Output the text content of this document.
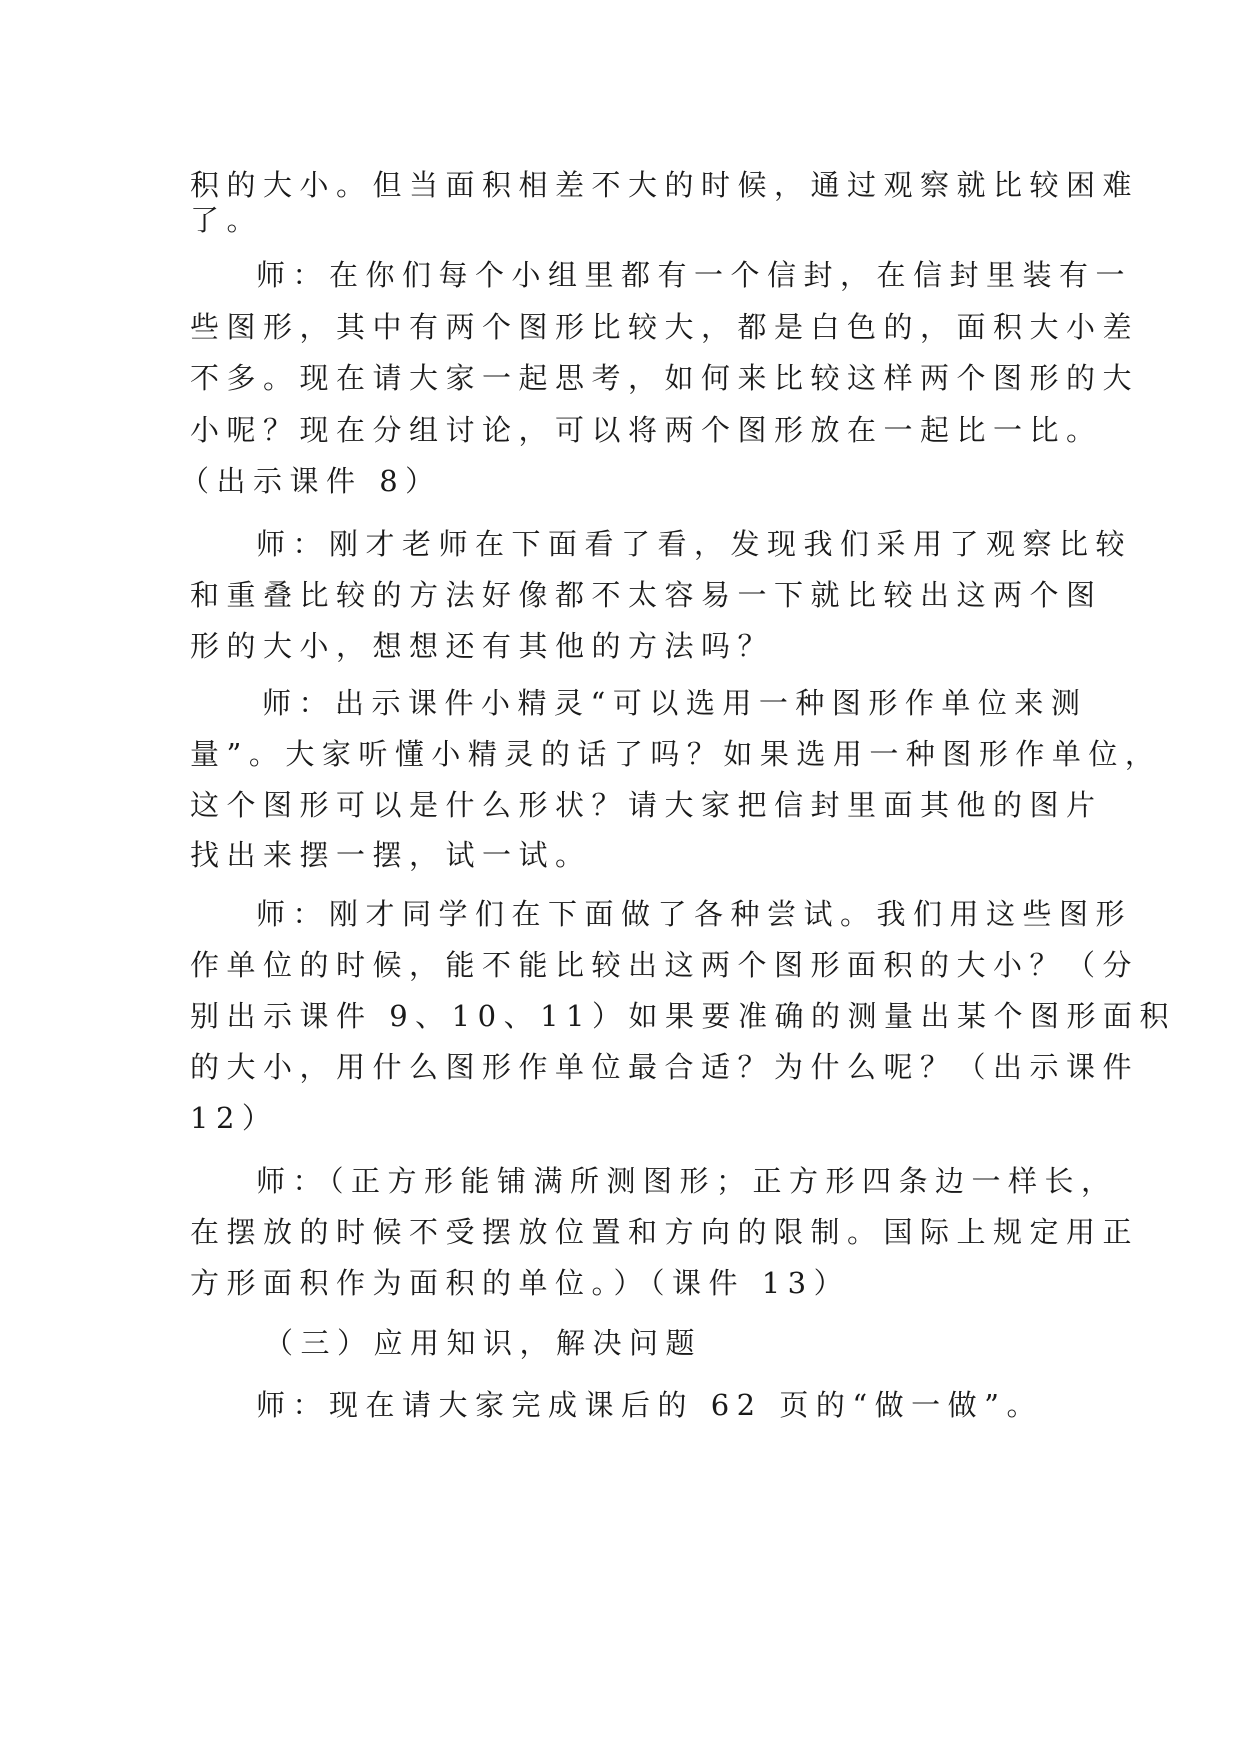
积的大小。但当面积相差不大的时候，通过观察就比较困难
了。
师：在你们每个小组里都有一个信封，在信封里装有一
些图形，其中有两个图形比较大，都是白色的，面积大小差
不多。现在请大家一起思考，如何来比较这样两个图形的大
小呢？现在分组讨论，可以将两个图形放在一起比一比。
（出示课件 8）
师：刚才老师在下面看了看，发现我们采用了观察比较
和重叠比较的方法好像都不太容易一下就比较出这两个图
形的大小，想想还有其他的方法吗？
师：出示课件小精灵“可以选用一种图形作单位来测
量”。大家听懂小精灵的话了吗？如果选用一种图形作单位，
这个图形可以是什么形状？请大家把信封里面其他的图片
找出来摆一摆，试一试。
师：刚才同学们在下面做了各种尝试。我们用这些图形
作单位的时候，能不能比较出这两个图形面积的大小？（分
别出示课件 9、10、11）如果要准确的测量出某个图形面积
的大小，用什么图形作单位最合适？为什么呢？（出示课件
12）
师：（正方形能铺满所测图形；正方形四条边一样长，
在摆放的时候不受摆放位置和方向的限制。国际上规定用正
方形面积作为面积的单位。）（课件 13）
（三）应用知识，解决问题
师：现在请大家完成课后的 62 页的“做一做”。
